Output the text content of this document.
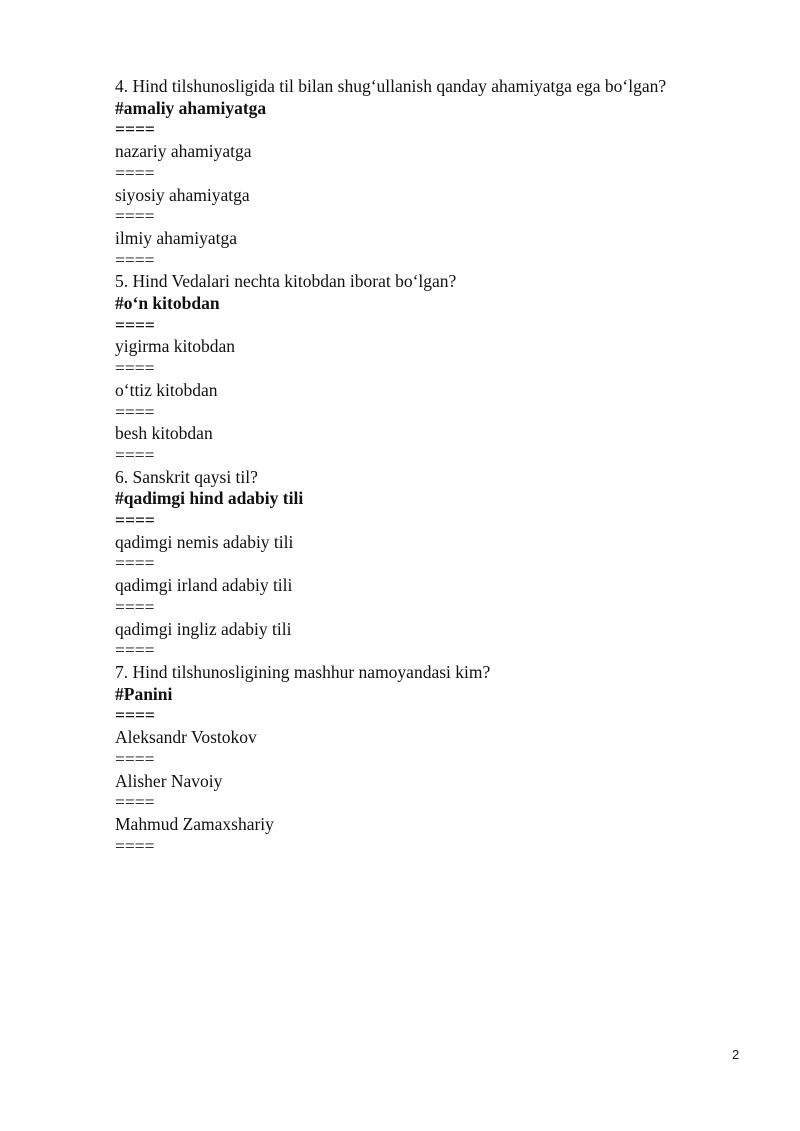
4. Hind tilshunosligida til bilan shug‘ullanish qanday ahamiyatga ega bo‘lgan?

#amaliy ahamiyatga

====

nazariy ahamiyatga

====

siyosiy ahamiyatga

====

ilmiy ahamiyatga

====

5. Hind Vedalari nechta kitobdan iborat bo‘lgan?

#o‘n kitobdan

====

yigirma kitobdan

====

o‘ttiz kitobdan

====

besh kitobdan

====

6. Sanskrit qaysi til?

#qadimgi hind adabiy tili

====

qadimgi nemis adabiy tili

====

qadimgi irland adabiy tili

====

qadimgi ingliz adabiy tili

====

7. Hind tilshunosligining mashhur namoyandasi kim?

#Panini

====

Aleksandr Vostokov

====

Alisher Navoiy

====

Mahmud Zamaxshariy

====

2
